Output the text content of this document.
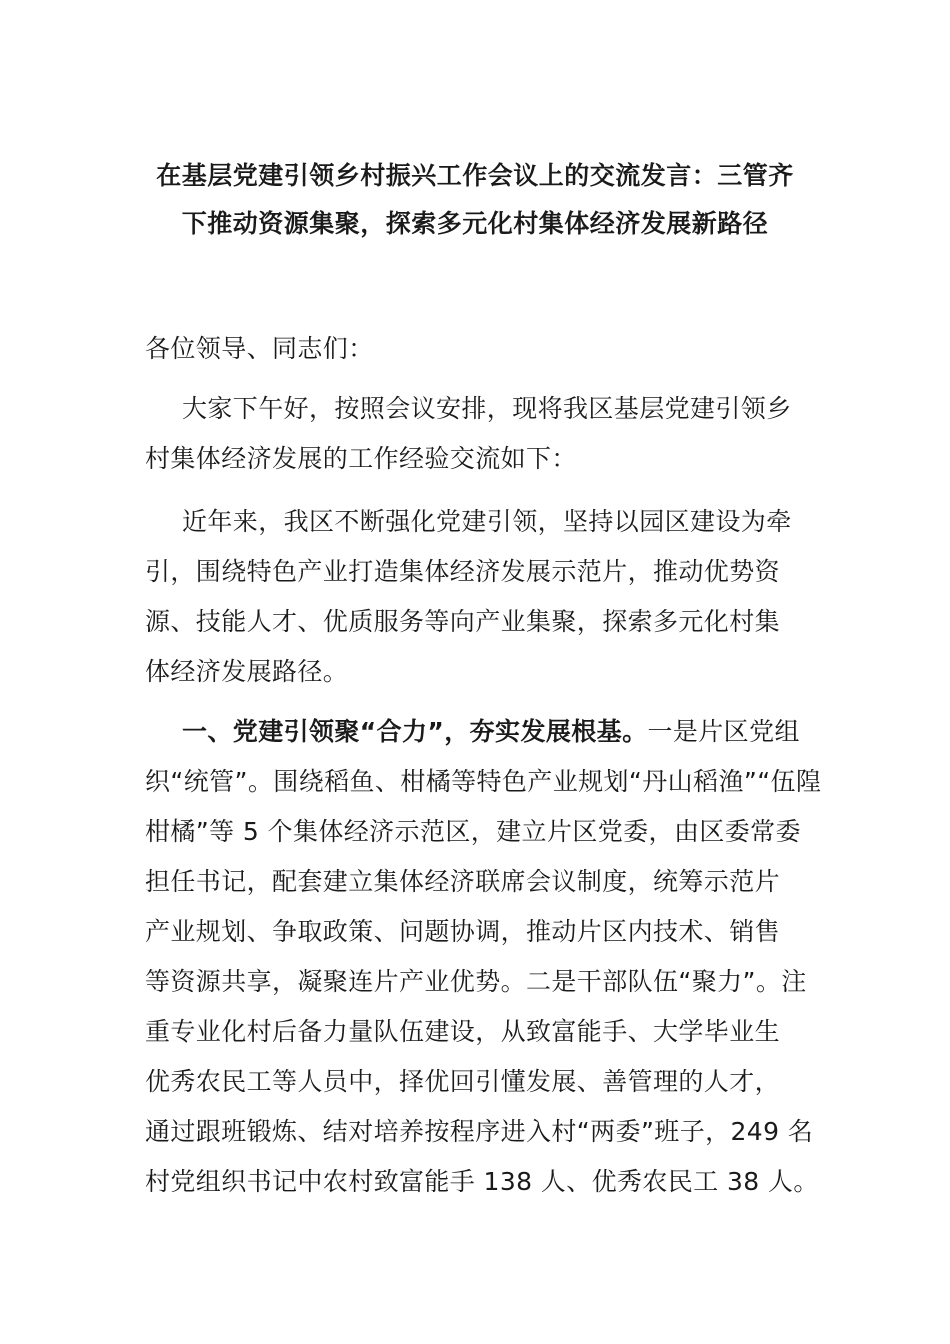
在基层党建引领乡村振兴工作会议上的交流发言：三管齐
下推动资源集聚，探索多元化村集体经济发展新路径
各位领导、同志们：
大家下午好，按照会议安排，现将我区基层党建引领乡
村集体经济发展的工作经验交流如下：
近年来，我区不断强化党建引领，坚持以园区建设为牵
引，围绕特色产业打造集体经济发展示范片，推动优势资
源、技能人才、优质服务等向产业集聚，探索多元化村集
体经济发展路径。
一、党建引领聚“合力”，夯实发展根基。一是片区党组
织“统管”。围绕稻鱼、柑橘等特色产业规划“丹山稻渔”“伍隍
柑橘”等 5 个集体经济示范区，建立片区党委，由区委常委
担任书记，配套建立集体经济联席会议制度，统筹示范片
产业规划、争取政策、问题协调，推动片区内技术、销售
等资源共享，凝聚连片产业优势。二是干部队伍“聚力”。注
重专业化村后备力量队伍建设，从致富能手、大学毕业生
优秀农民工等人员中，择优回引懂发展、善管理的人才，
通过跟班锻炼、结对培养按程序进入村“两委”班子，249 名
村党组织书记中农村致富能手 138 人、优秀农民工 38 人。
